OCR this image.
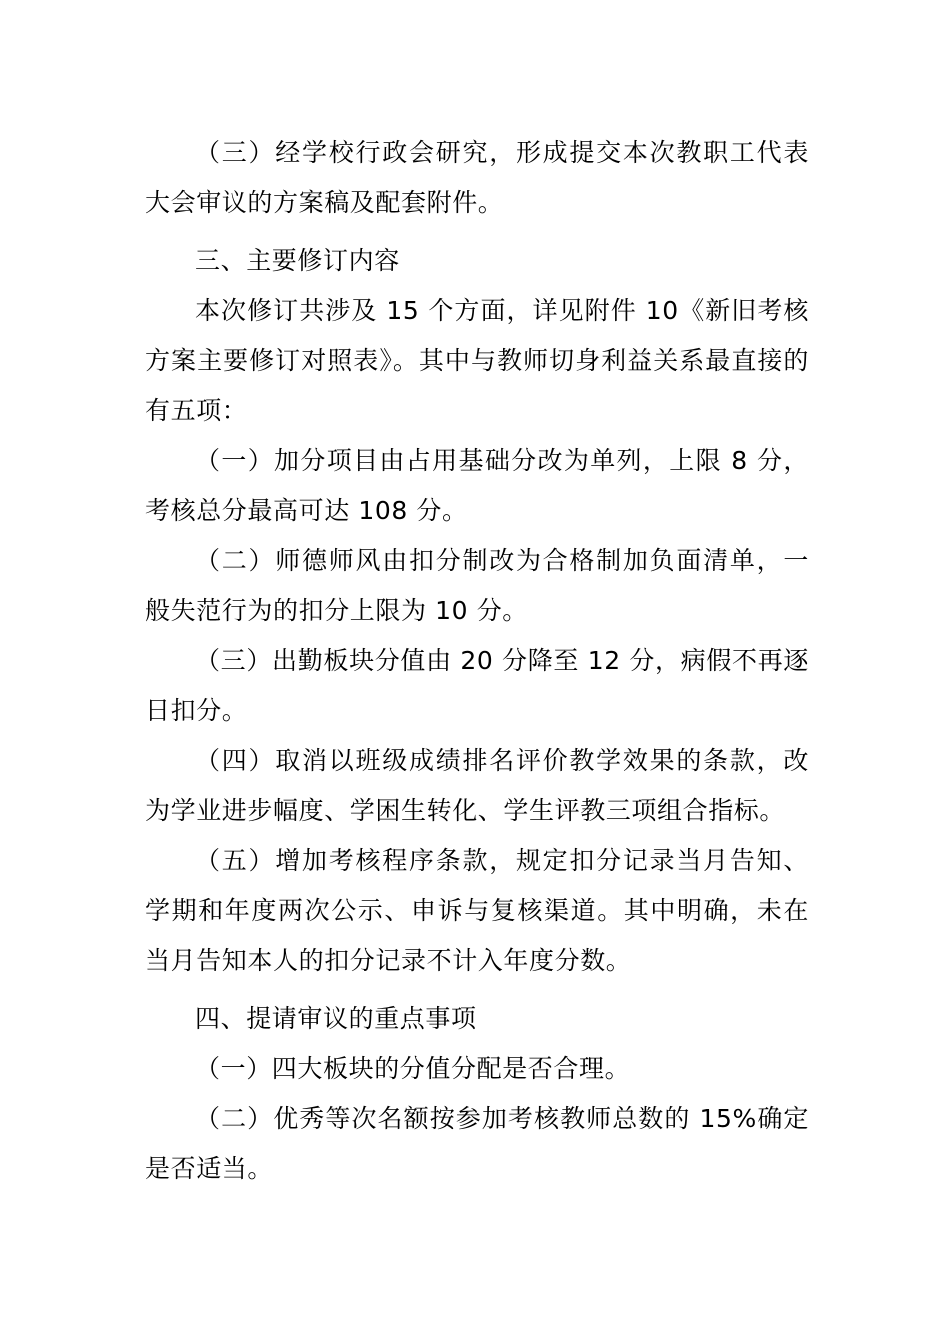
（三）经学校行政会研究，形成提交本次教职工代表大会审议的方案稿及配套附件。

三、主要修订内容

本次修订共涉及 15 个方面，详见附件 10《新旧考核方案主要修订对照表》。其中与教师切身利益关系最直接的有五项：

（一）加分项目由占用基础分改为单列，上限 8 分，考核总分最高可达 108 分。

（二）师德师风由扣分制改为合格制加负面清单，一般失范行为的扣分上限为 10 分。

（三）出勤板块分值由 20 分降至 12 分，病假不再逐日扣分。

（四）取消以班级成绩排名评价教学效果的条款，改为学业进步幅度、学困生转化、学生评教三项组合指标。

（五）增加考核程序条款，规定扣分记录当月告知、学期和年度两次公示、申诉与复核渠道。其中明确，未在当月告知本人的扣分记录不计入年度分数。

四、提请审议的重点事项

（一）四大板块的分值分配是否合理。

（二）优秀等次名额按参加考核教师总数的 15%确定是否适当。
